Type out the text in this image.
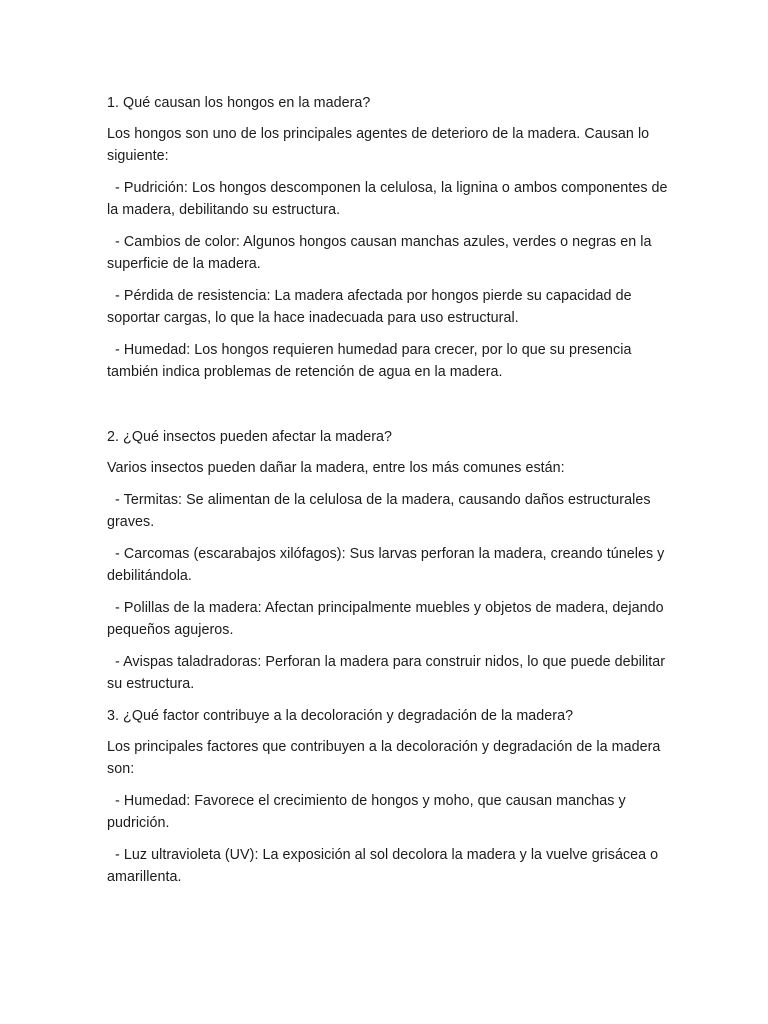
1. Qué causan los hongos en la madera?

Los hongos son uno de los principales agentes de deterioro de la madera. Causan lo siguiente:

- Pudrición: Los hongos descomponen la celulosa, la lignina o ambos componentes de la madera, debilitando su estructura.

- Cambios de color: Algunos hongos causan manchas azules, verdes o negras en la superficie de la madera.

- Pérdida de resistencia: La madera afectada por hongos pierde su capacidad de soportar cargas, lo que la hace inadecuada para uso estructural.

- Humedad: Los hongos requieren humedad para crecer, por lo que su presencia también indica problemas de retención de agua en la madera.

2. ¿Qué insectos pueden afectar la madera?

Varios insectos pueden dañar la madera, entre los más comunes están:

- Termitas: Se alimentan de la celulosa de la madera, causando daños estructurales graves.

- Carcomas (escarabajos xilófagos): Sus larvas perforan la madera, creando túneles y debilitándola.

- Polillas de la madera: Afectan principalmente muebles y objetos de madera, dejando pequeños agujeros.

- Avispas taladradoras: Perforan la madera para construir nidos, lo que puede debilitar su estructura.

3. ¿Qué factor contribuye a la decoloración y degradación de la madera?

Los principales factores que contribuyen a la decoloración y degradación de la madera son:

- Humedad: Favorece el crecimiento de hongos y moho, que causan manchas y pudrición.

- Luz ultravioleta (UV): La exposición al sol decolora la madera y la vuelve grisácea o amarillenta.
